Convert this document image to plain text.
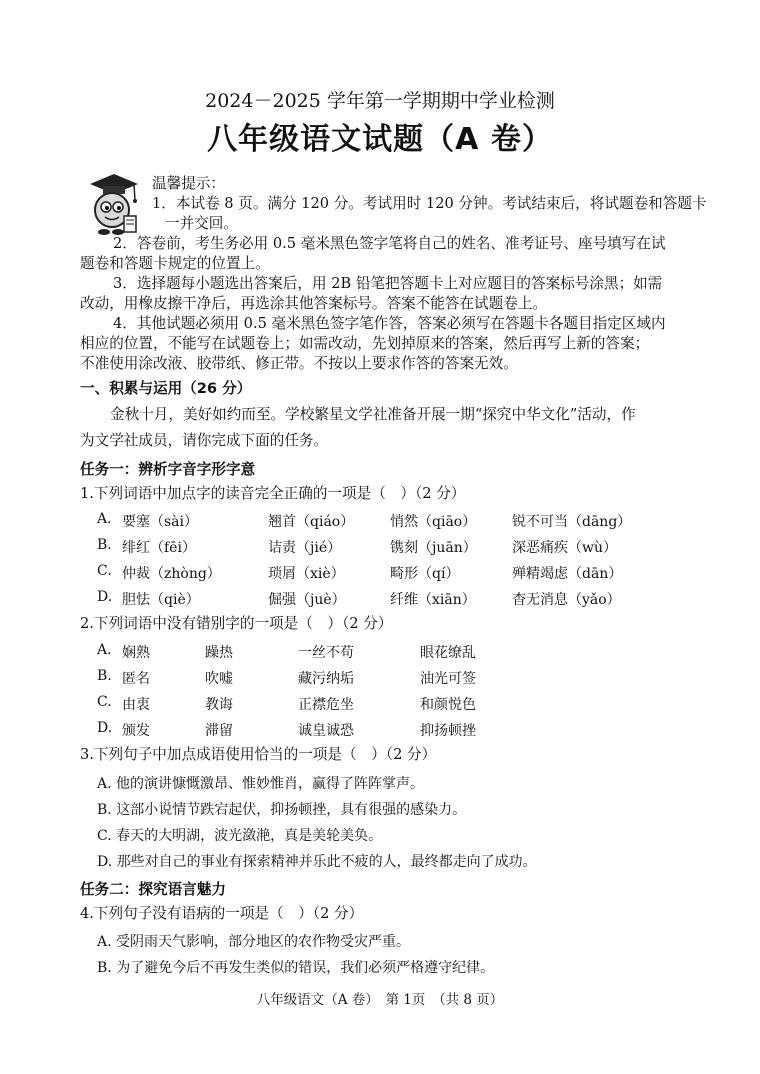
2024－2025 学年第一学期期中学业检测
八年级语文试题（A 卷）
温馨提示：
1．本试卷 8 页。满分 120 分。考试用时 120 分钟。考试结束后，将试题卷和答题卡
一并交回。
2．答卷前，考生务必用 0.5 毫米黑色签字笔将自己的姓名、准考证号、座号填写在试
题卷和答题卡规定的位置上。
3．选择题每小题选出答案后，用 2B 铅笔把答题卡上对应题目的答案标号涂黑；如需
改动，用橡皮擦干净后，再选涂其他答案标号。答案不能答在试题卷上。
4．其他试题必须用 0.5 毫米黑色签字笔作答，答案必须写在答题卡各题目指定区域内
相应的位置，不能写在试题卷上；如需改动，先划掉原来的答案，然后再写上新的答案；
不准使用涂改液、胶带纸、修正带。不按以上要求作答的答案无效。
一、积累与运用（26 分）
金秋十月，美好如约而至。学校繁星文学社准备开展一期“探究中华文化”活动，作
为文学社成员，请你完成下面的任务。
任务一：辨析字音字形字意
1.下列词语中加点字的读音完全正确的一项是（　）（2 分）
A. 要塞（sài）	翘首（qiáo）	悄然（qiāo）	锐不可当（dāng）
B. 绯红（fēi）	诘责（jié）	镌刻（juān）	深恶痛疾（wù）
C. 仲裁（zhòng）	琐屑（xiè）	畸形（qí）	殚精竭虑（dān）
D. 胆怯（qiè）	倔强（juè）	纤维（xiān）	杳无消息（yǎo）
2.下列词语中没有错别字的一项是（　）（2 分）
A. 娴熟	躁热	一丝不苟	眼花缭乱
B. 匿名	吹嘘	藏污纳垢	油光可签
C. 由衷	教诲	正襟危坐	和颜悦色
D. 颁发	滞留	诚皇诚恐	抑扬顿挫
3.下列句子中加点成语使用恰当的一项是（　）（2 分）
A. 他的演讲慷慨激昂、惟妙惟肖，赢得了阵阵掌声。
B. 这部小说情节跌宕起伏，抑扬顿挫，具有很强的感染力。
C. 春天的大明湖，波光潋滟，真是美轮美奂。
D. 那些对自己的事业有探索精神并乐此不疲的人，最终都走向了成功。
任务二：探究语言魅力
4.下列句子没有语病的一项是（　）（2 分）
A. 受阴雨天气影响，部分地区的农作物受灾严重。
B. 为了避免今后不再发生类似的错误，我们必须严格遵守纪律。
八年级语文（A 卷）　第 1页　（共 8 页）
